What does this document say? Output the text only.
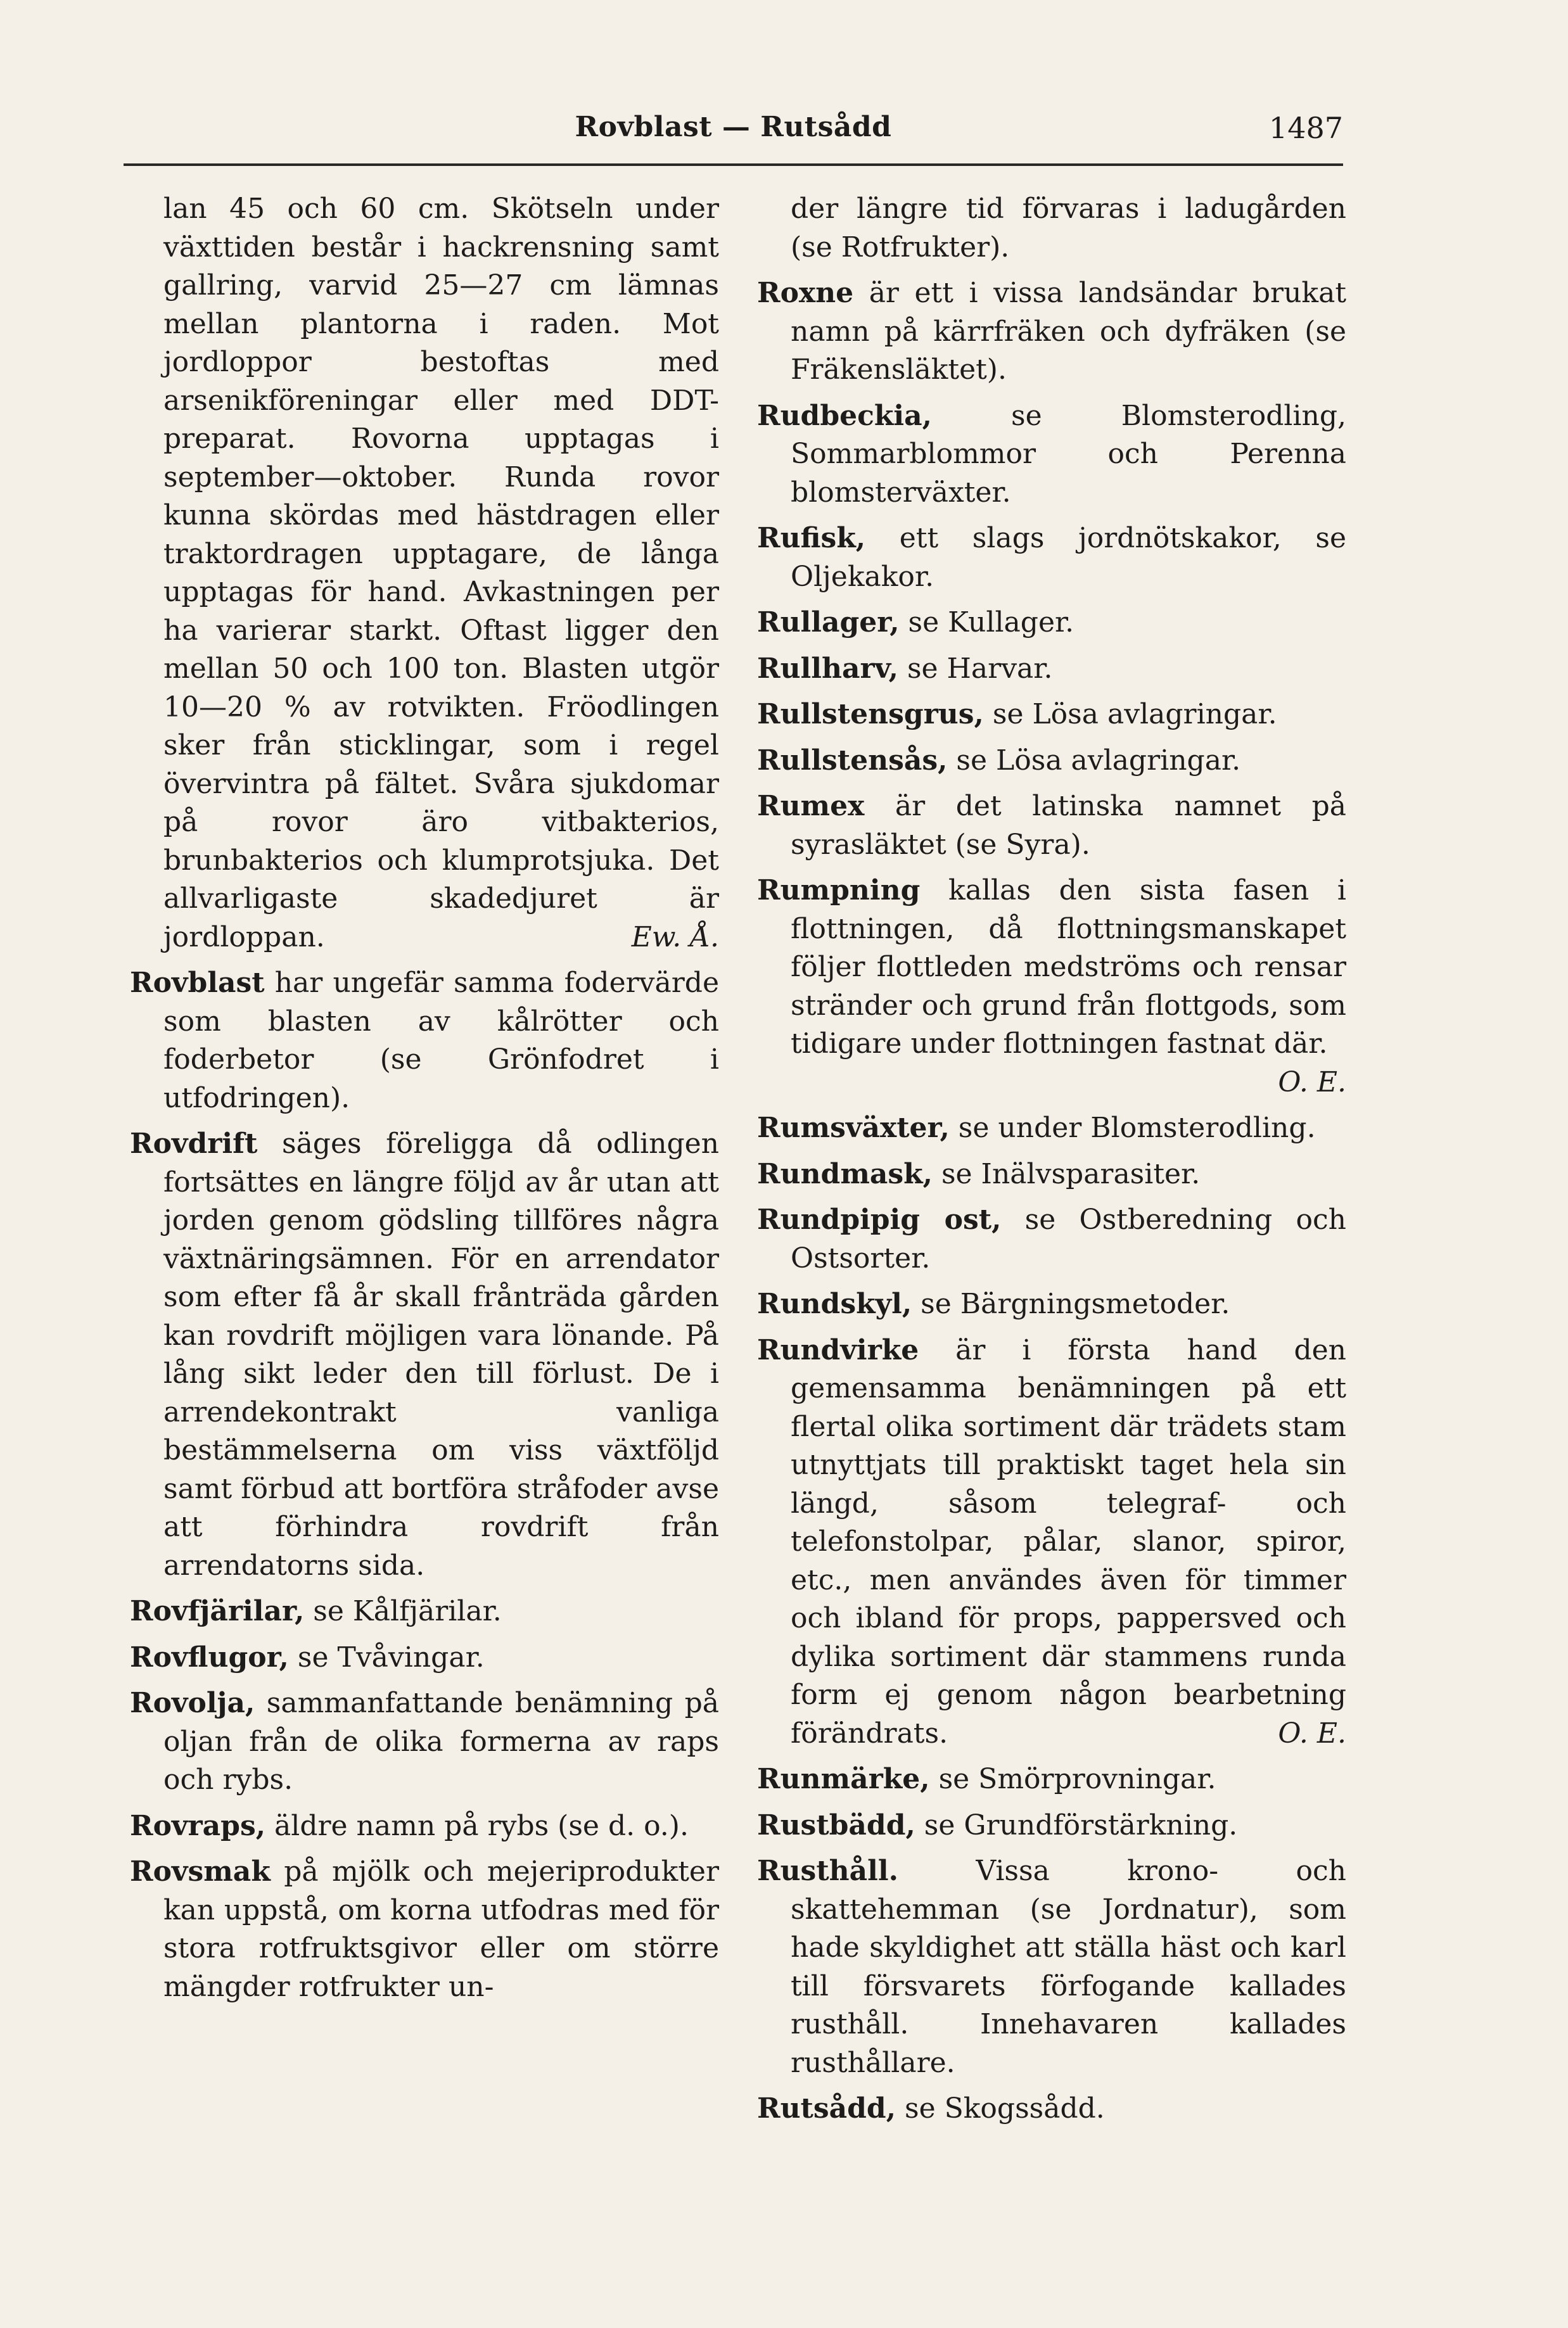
Rovblast — Rutsådd	1487

lan 45 och 60 cm. Skötseln under växttiden består i hackrensning samt gallring, varvid 25—27 cm lämnas mellan plantorna i raden. Mot jordloppor bestoftas med arsenikföreningar eller med DDT-preparat. Rovorna upptagas i september—oktober. Runda rovor kunna skördas med hästdragen eller traktordragen upptagare, de långa upptagas för hand. Avkastningen per ha varierar starkt. Oftast ligger den mellan 50 och 100 ton. Blasten utgör 10—20 % av rotvikten. Fröodlingen sker från sticklingar, som i regel övervintra på fältet. Svåra sjukdomar på rovor äro vitbakterios, brunbakterios och klumprotsjuka. Det allvarligaste skadedjuret är jordloppan.	Ew. Å.

Rovblast har ungefär samma fodervärde som blasten av kålrötter och foderbetor (se Grönfodret i utfodringen).

Rovdrift säges föreligga då odlingen fortsättes en längre följd av år utan att jorden genom gödsling tillföres några växtnäringsämnen. För en arrendator som efter få år skall frånträda gården kan rovdrift möjligen vara lönande. På lång sikt leder den till förlust. De i arrendekontrakt vanliga bestämmelserna om viss växtföljd samt förbud att bortföra stråfoder avse att förhindra rovdrift från arrendatorns sida.

Rovfjärilar, se Kålfjärilar.

Rovflugor, se Tvåvingar.

Rovolja, sammanfattande benämning på oljan från de olika formerna av raps och rybs.

Rovraps, äldre namn på rybs (se d. o.).

Rovsmak på mjölk och mejeriprodukter kan uppstå, om korna utfodras med för stora rotfruktsgivor eller om större mängder rotfrukter un-

der längre tid förvaras i ladugården (se Rotfrukter).

Roxne är ett i vissa landsändar brukat namn på kärrfräken och dyfräken (se Fräkensläktet).

Rudbeckia, se Blomsterodling, Sommarblommor och Perenna blomsterväxter.

Rufisk, ett slags jordnötskakor, se Oljekakor.

Rullager, se Kullager.

Rullharv, se Harvar.

Rullstensgrus, se Lösa avlagringar.

Rullstensås, se Lösa avlagringar.

Rumex är det latinska namnet på syrasläktet (se Syra).

Rumpning kallas den sista fasen i flottningen, då flottningsmanskapet följer flottleden medströms och rensar stränder och grund från flottgods, som tidigare under flottningen fastnat där.
O. E.

Rumsväxter, se under Blomsterodling.

Rundmask, se Inälvsparasiter.

Rundpipig ost, se Ostberedning och Ostsorter.

Rundskyl, se Bärgningsmetoder.

Rundvirke är i första hand den gemensamma benämningen på ett flertal olika sortiment där trädets stam utnyttjats till praktiskt taget hela sin längd, såsom telegraf- och telefonstolpar, pålar, slanor, spiror, etc., men användes även för timmer och ibland för props, pappersved och dylika sortiment där stammens runda form ej genom någon bearbetning förändrats.	O. E.

Runmärke, se Smörprovningar.

Rustbädd, se Grundförstärkning.

Rusthåll. Vissa krono- och skattehemman (se Jordnatur), som hade skyldighet att ställa häst och karl till försvarets förfogande kallades rusthåll. Innehavaren kallades rusthållare.

Rutsådd, se Skogssådd.
